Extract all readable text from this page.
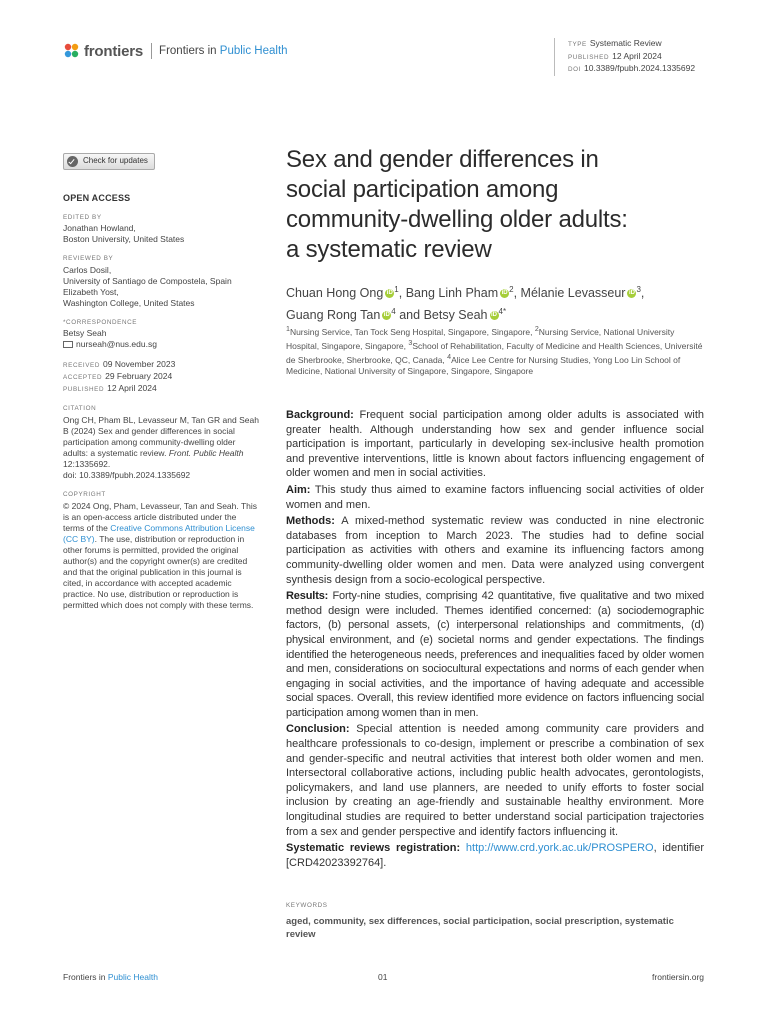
frontiers Frontiers in Public Health
TYPE Systematic Review
PUBLISHED 12 April 2024
DOI 10.3389/fpubh.2024.1335692
Check for updates
OPEN ACCESS
EDITED BY
Jonathan Howland,
Boston University, United States
REVIEWED BY
Carlos Dosil,
University of Santiago de Compostela, Spain
Elizabeth Yost,
Washington College, United States
*CORRESPONDENCE
Betsy Seah
nurseah@nus.edu.sg
RECEIVED 09 November 2023
ACCEPTED 29 February 2024
PUBLISHED 12 April 2024
CITATION
Ong CH, Pham BL, Levasseur M, Tan GR and Seah B (2024) Sex and gender differences in social participation among community-dwelling older adults: a systematic review. Front. Public Health 12:1335692.
doi: 10.3389/fpubh.2024.1335692
COPYRIGHT
© 2024 Ong, Pham, Levasseur, Tan and Seah. This is an open-access article distributed under the terms of the Creative Commons Attribution License (CC BY). The use, distribution or reproduction in other forums is permitted, provided the original author(s) and the copyright owner(s) are credited and that the original publication in this journal is cited, in accordance with accepted academic practice. No use, distribution or reproduction is permitted which does not comply with these terms.
Sex and gender differences in
social participation among
community-dwelling older adults:
a systematic review
Chuan Hong Ong iD $^1$, Bang Linh Pham iD $^2$, Mélanie Levasseur iD $^3$,
Guang Rong Tan iD $^4$ and Betsy Seah iD $^{4*}$
$^1$Nursing Service, Tan Tock Seng Hospital, Singapore, Singapore, $^2$Nursing Service, National University Hospital, Singapore, Singapore, $^3$School of Rehabilitation, Faculty of Medicine and Health Sciences, Université de Sherbrooke, Sherbrooke, QC, Canada, $^4$Alice Lee Centre for Nursing Studies, Yong Loo Lin School of Medicine, National University of Singapore, Singapore, Singapore

Background: Frequent social participation among older adults is associated with greater health. Although understanding how sex and gender influence social participation is important, particularly in developing sex-inclusive health promotion and preventive interventions, little is known about factors influencing engagement of older women and men in social activities.

Aim: This study thus aimed to examine factors influencing social activities of older women and men.

Methods: A mixed-method systematic review was conducted in nine electronic databases from inception to March 2023. The studies had to define social participation as activities with others and examine its influencing factors among community-dwelling older women and men. Data were analyzed using convergent synthesis design from a socio-ecological perspective.

Results: Forty-nine studies, comprising 42 quantitative, five qualitative and two mixed method design were included. Themes identified concerned: (a) sociodemographic factors, (b) personal assets, (c) interpersonal relationships and commitments, (d) physical environment, and (e) societal norms and gender expectations. The findings identified the heterogeneous needs, preferences and inequalities faced by older women and men, considerations on sociocultural expectations and norms of each gender when engaging in social activities, and the importance of having adequate and accessible social spaces. Overall, this review identified more evidence on factors influencing social participation among women than in men.

Conclusion: Special attention is needed among community care providers and healthcare professionals to co-design, implement or prescribe a combination of sex and gender-specific and neutral activities that interest both older women and men. Intersectoral collaborative actions, including public health advocates, gerontologists, policymakers, and land use planners, are needed to unify efforts to foster social inclusion by creating an age-friendly and sustainable healthy environment. More longitudinal studies are required to better understand social participation trajectories from a sex and gender perspective and identify factors influencing it.

Systematic reviews registration: http://www.crd.york.ac.uk/PROSPERO, identifier [CRD42023392764].

KEYWORDS
aged, community, sex differences, social participation, social prescription, systematic review
Frontiers in Public Health	01	frontiersin.org
